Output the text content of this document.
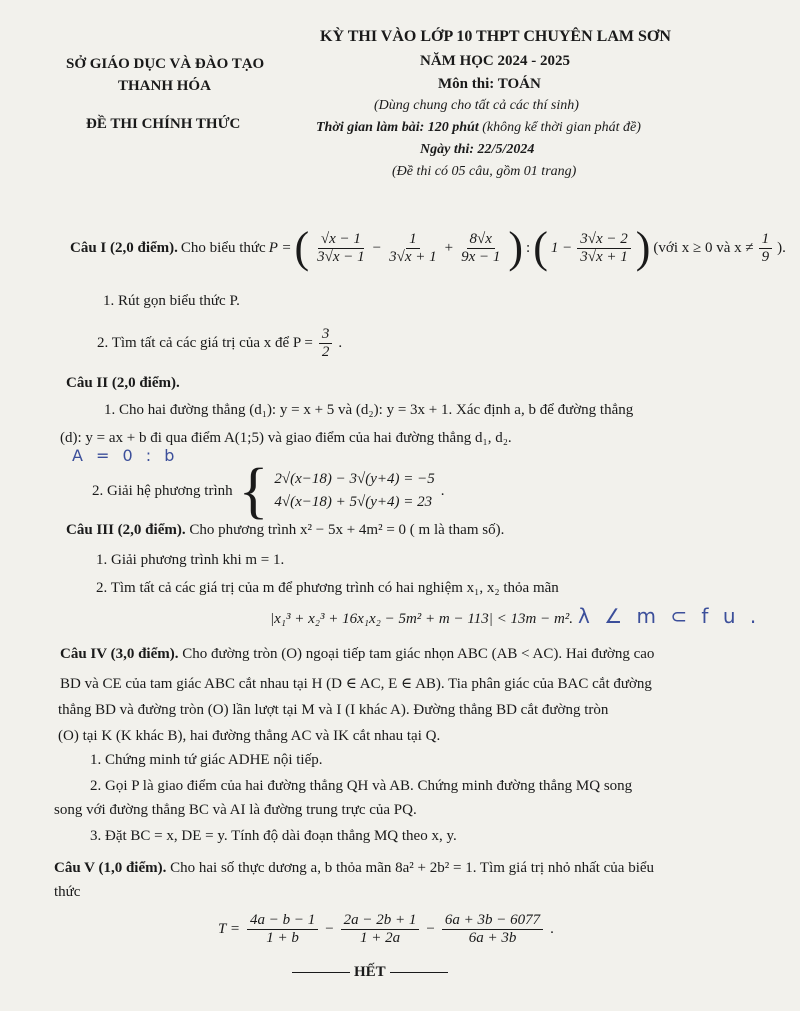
SỞ GIÁO DỤC VÀ ĐÀO TẠO
THANH HÓA
ĐỀ THI CHÍNH THỨC
KỲ THI VÀO LỚP 10 THPT CHUYÊN LAM SƠN
NĂM HỌC 2024 - 2025
Môn thi: TOÁN
(Dùng chung cho tất cả các thí sinh)
Thời gian làm bài: 120 phút (không kể thời gian phát đề)
Ngày thi: 22/5/2024
(Đề thi có 05 câu, gồm 01 trang)
Câu I (2,0 điểm). Cho biểu thức P = ( $\frac{√x - 1}{3√x - 1} - \frac{1}{3√x + 1} + \frac{8√x}{9x - 1}$ ) : ( $1 - \frac{3√x - 2}{3√x + 1}$ ) (với x ≥ 0 và $x \ne \frac{1}{9}$ ).
1. Rút gọn biểu thức P.
2. Tìm tất cả các giá trị của x để $P = \frac{3}{2}$ .
Câu II (2,0 điểm).
1. Cho hai đường thẳng (d₁): y = x + 5 và (d₂): y = 3x + 1. Xác định a, b để đường thẳng
(d): y = ax + b đi qua điểm A(1;5) và giao điểm của hai đường thẳng d₁, d₂.
A = 0 : b
2. Giải hệ phương trình { 2√(x−18) − 3√(y+4) = −5
4√(x−18) + 5√(y+4) = 23
.
Câu III (2,0 điểm). Cho phương trình x² − 5x + 4m² = 0 ( m là tham số).
1. Giải phương trình khi m = 1.
2. Tìm tất cả các giá trị của m để phương trình có hai nghiệm x₁, x₂ thỏa mãn
|x₁³ + x₂³ + 16x₁x₂ − 5m² + m − 113| < 13m − m². λ ∠ m ⊂ f u .
Câu IV (3,0 điểm). Cho đường tròn (O) ngoại tiếp tam giác nhọn ABC (AB < AC). Hai đường cao
BD và CE của tam giác ABC cắt nhau tại H (D ∈ AC, E ∈ AB). Tia phân giác của BAC cắt đường
thẳng BD và đường tròn (O) lần lượt tại M và I (I khác A). Đường thẳng BD cắt đường tròn
(O) tại K (K khác B), hai đường thẳng AC và IK cắt nhau tại Q.
1. Chứng minh tứ giác ADHE nội tiếp.
2. Gọi P là giao điểm của hai đường thẳng QH và AB. Chứng minh đường thẳng MQ song
song với đường thẳng BC và AI là đường trung trực của PQ.
3. Đặt BC = x, DE = y. Tính độ dài đoạn thẳng MQ theo x, y.
Câu V (1,0 điểm). Cho hai số thực dương a, b thỏa mãn 8a² + 2b² = 1. Tìm giá trị nhỏ nhất của biểu
thức
$T = \frac{4a - b - 1}{1 + b} - \frac{2a - 2b + 1}{1 + 2a} - \frac{6a + 3b - 6077}{6a + 3b}$ .
HẾT
